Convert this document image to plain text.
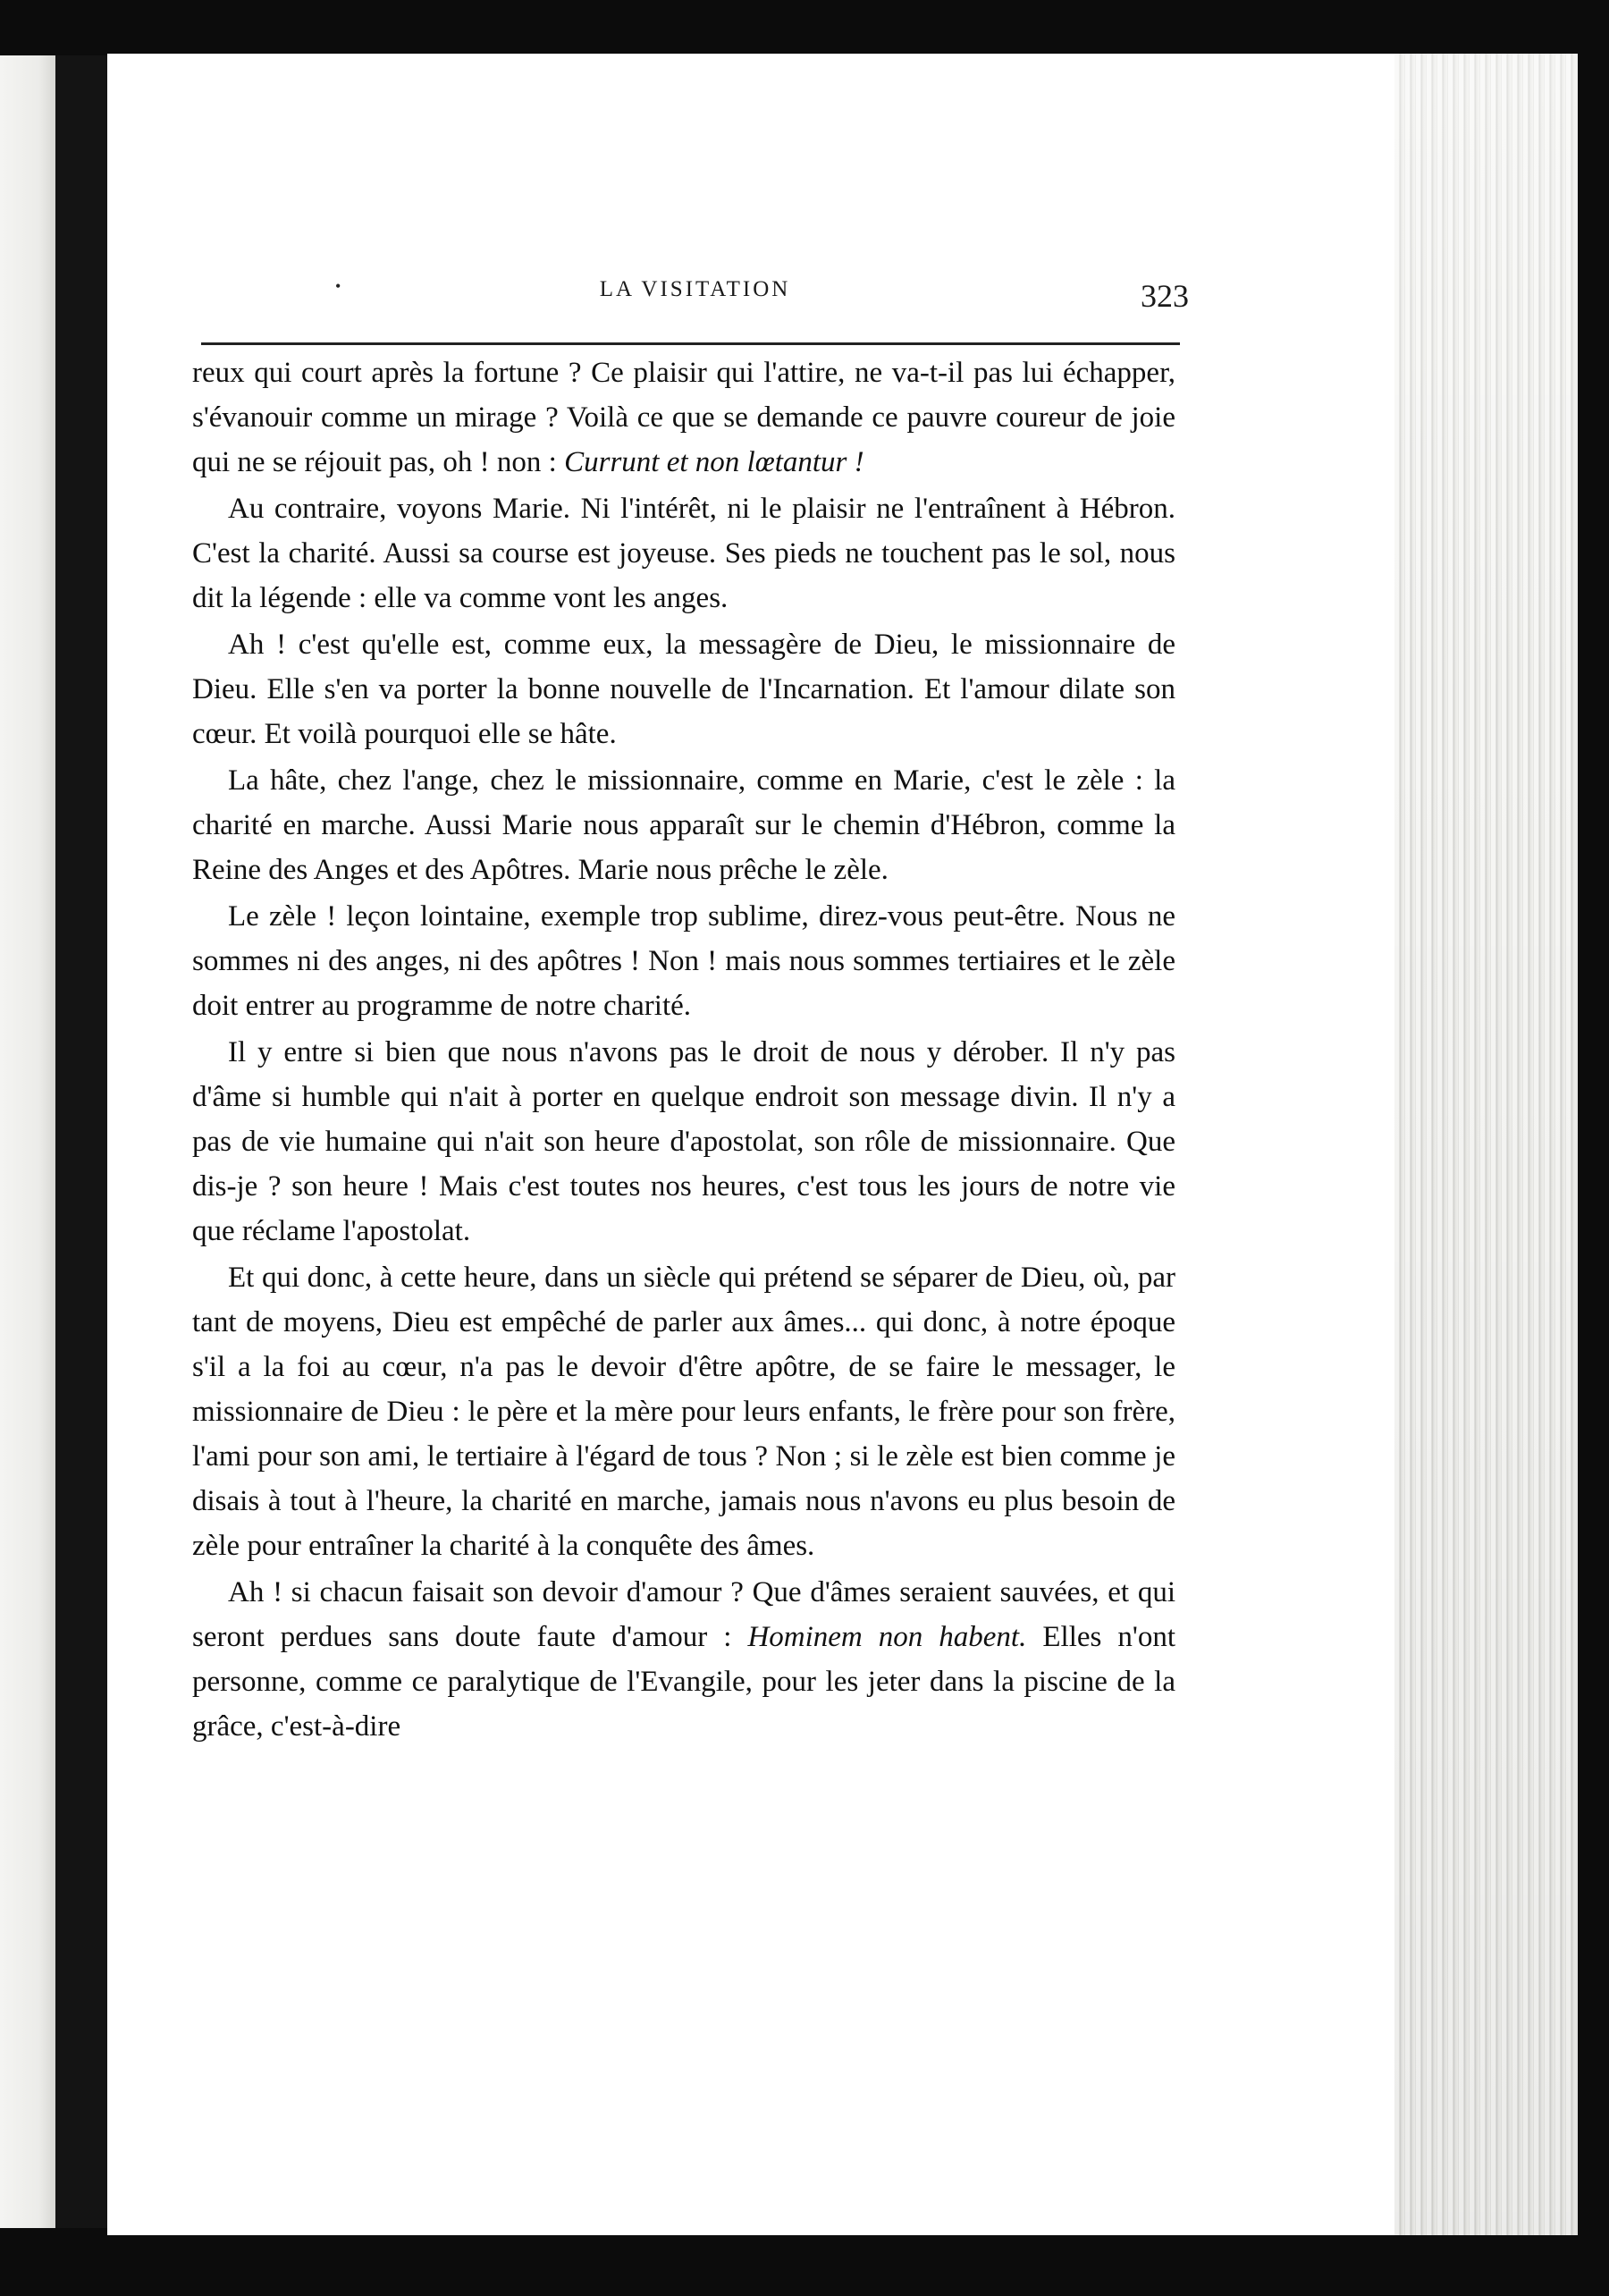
•	LA VISITATION	323

reux qui court après la fortune ? Ce plaisir qui l'attire, ne va-t-il pas lui échapper, s'évanouir comme un mirage ? Voilà ce que se demande ce pauvre coureur de joie qui ne se réjouit pas, oh ! non : Currunt et non lœtantur !

Au contraire, voyons Marie. Ni l'intérêt, ni le plaisir ne l'entraînent à Hébron. C'est la charité. Aussi sa course est joyeuse. Ses pieds ne touchent pas le sol, nous dit la légende : elle va comme vont les anges.

Ah ! c'est qu'elle est, comme eux, la messagère de Dieu, le missionnaire de Dieu. Elle s'en va porter la bonne nouvelle de l'Incarnation. Et l'amour dilate son cœur. Et voilà pourquoi elle se hâte.

La hâte, chez l'ange, chez le missionnaire, comme en Marie, c'est le zèle : la charité en marche. Aussi Marie nous apparaît sur le chemin d'Hébron, comme la Reine des Anges et des Apôtres. Marie nous prêche le zèle.

Le zèle ! leçon lointaine, exemple trop sublime, direz-vous peut-être. Nous ne sommes ni des anges, ni des apôtres ! Non ! mais nous sommes tertiaires et le zèle doit entrer au programme de notre charité.

Il y entre si bien que nous n'avons pas le droit de nous y dérober. Il n'y pas d'âme si humble qui n'ait à porter en quelque endroit son message divin. Il n'y a pas de vie humaine qui n'ait son heure d'apostolat, son rôle de missionnaire. Que dis-je ? son heure ! Mais c'est toutes nos heures, c'est tous les jours de notre vie que réclame l'apostolat.

Et qui donc, à cette heure, dans un siècle qui prétend se séparer de Dieu, où, par tant de moyens, Dieu est empêché de parler aux âmes... qui donc, à notre époque s'il a la foi au cœur, n'a pas le devoir d'être apôtre, de se faire le messager, le missionnaire de Dieu : le père et la mère pour leurs enfants, le frère pour son frère, l'ami pour son ami, le tertiaire à l'égard de tous ? Non ; si le zèle est bien comme je disais à tout à l'heure, la charité en marche, jamais nous n'avons eu plus besoin de zèle pour entraîner la charité à la conquête des âmes.

Ah ! si chacun faisait son devoir d'amour ? Que d'âmes seraient sauvées, et qui seront perdues sans doute faute d'amour : Hominem non habent. Elles n'ont personne, comme ce paralytique de l'Evangile, pour les jeter dans la piscine de la grâce, c'est-à-dire
